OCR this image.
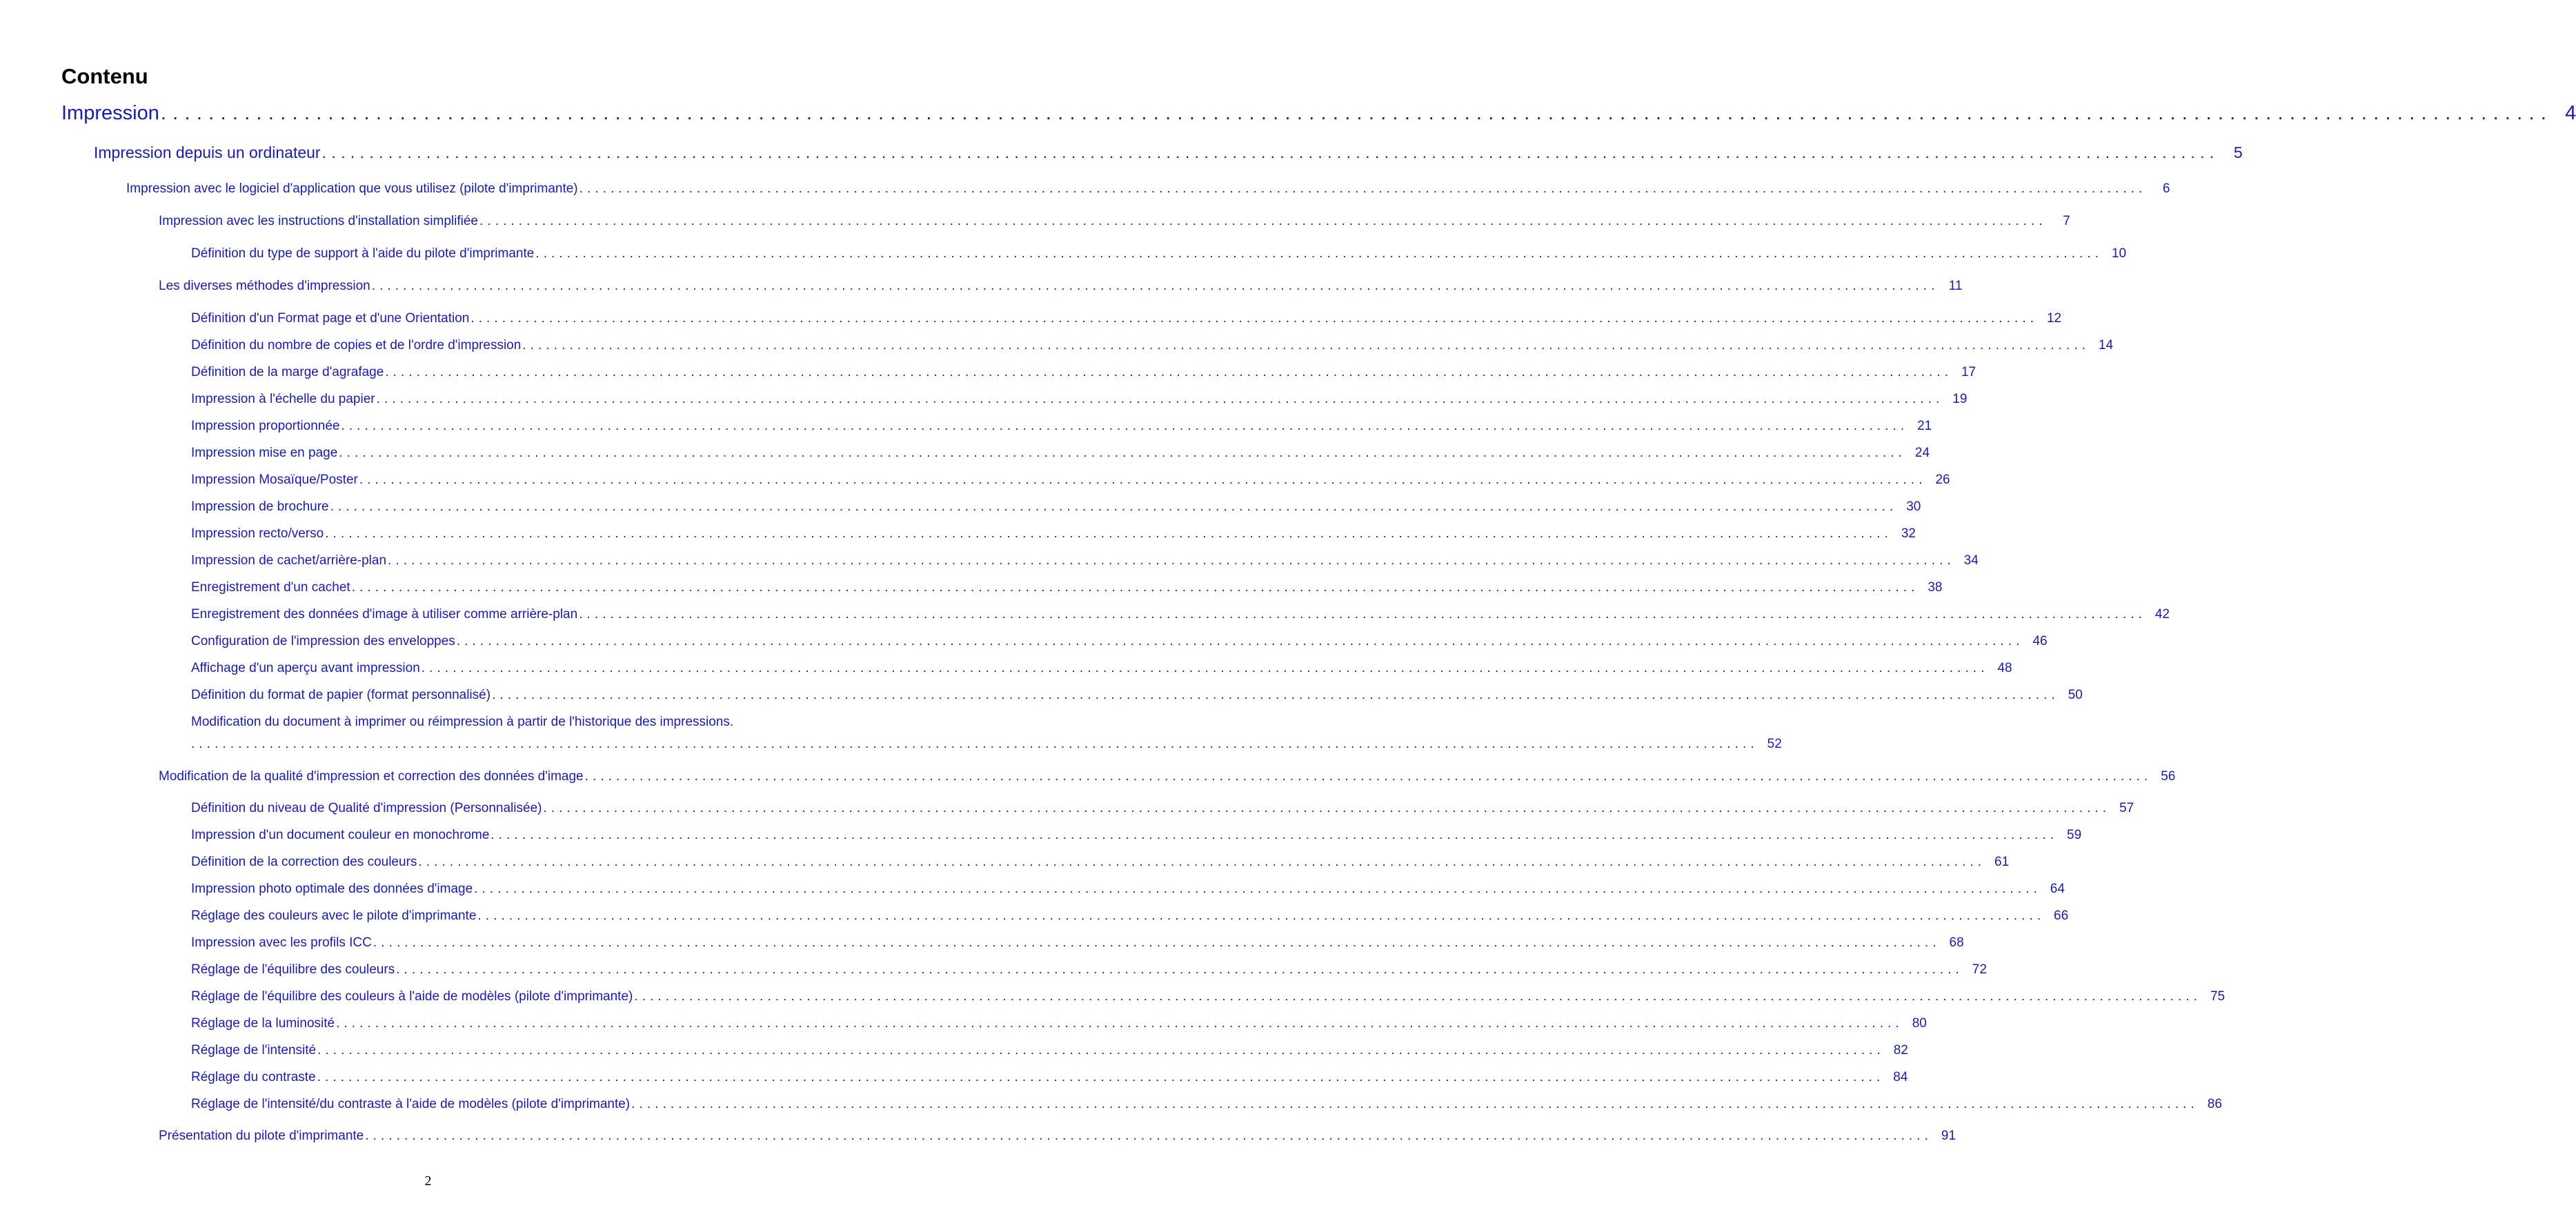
Contenu
Impression ........................................................................................................................................................................................................ 4
Impression depuis un ordinateur ........................................................................................................................................................................................................ 5
Impression avec le logiciel d'application que vous utilisez (pilote d'imprimante) ........................................................................................................................................................................................................	6
Impression avec les instructions d'installation simplifiée ........................................................................................................................................................................................................	7
Définition du type de support à l'aide du pilote d'imprimante ........................................................................................................................................................................................................ 10
Les diverses méthodes d'impression ........................................................................................................................................................................................................ 11
Définition d'un Format page et d'une Orientation ........................................................................................................................................................................................................ 12
Définition du nombre de copies et de l'ordre d'impression ........................................................................................................................................................................................................ 14
Définition de la marge d'agrafage ........................................................................................................................................................................................................ 17
Impression à l'échelle du papier ........................................................................................................................................................................................................ 19
Impression proportionnée ........................................................................................................................................................................................................ 21
Impression mise en page ........................................................................................................................................................................................................ 24
Impression Mosaïque/Poster ........................................................................................................................................................................................................ 26
Impression de brochure ........................................................................................................................................................................................................ 30
Impression recto/verso ........................................................................................................................................................................................................ 32
Impression de cachet/arrière-plan ........................................................................................................................................................................................................ 34
Enregistrement d'un cachet ........................................................................................................................................................................................................ 38
Enregistrement des données d'image à utiliser comme arrière-plan ........................................................................................................................................................................................................ 42
Configuration de l'impression des enveloppes ........................................................................................................................................................................................................ 46
Affichage d'un aperçu avant impression ........................................................................................................................................................................................................ 48
Définition du format de papier (format personnalisé) ........................................................................................................................................................................................................ 50
Modification du document à imprimer ou réimpression à partir de l'historique des impressions.
........................................................................................................................................................................................................ 52
Modification de la qualité d'impression et correction des données d'image ........................................................................................................................................................................................................ 56
Définition du niveau de Qualité d'impression (Personnalisée) ........................................................................................................................................................................................................ 57
Impression d'un document couleur en monochrome ........................................................................................................................................................................................................ 59
Définition de la correction des couleurs ........................................................................................................................................................................................................ 61
Impression photo optimale des données d'image ........................................................................................................................................................................................................ 64
Réglage des couleurs avec le pilote d'imprimante ........................................................................................................................................................................................................ 66
Impression avec les profils ICC ........................................................................................................................................................................................................ 68
Réglage de l'équilibre des couleurs ........................................................................................................................................................................................................ 72
Réglage de l'équilibre des couleurs à l'aide de modèles (pilote d'imprimante) ........................................................................................................................................................................................................ 75
Réglage de la luminosité ........................................................................................................................................................................................................ 80
Réglage de l'intensité ........................................................................................................................................................................................................ 82
Réglage du contraste ........................................................................................................................................................................................................ 84
Réglage de l'intensité/du contraste à l'aide de modèles (pilote d'imprimante) ........................................................................................................................................................................................................ 86
Présentation du pilote d'imprimante ........................................................................................................................................................................................................ 91
2
